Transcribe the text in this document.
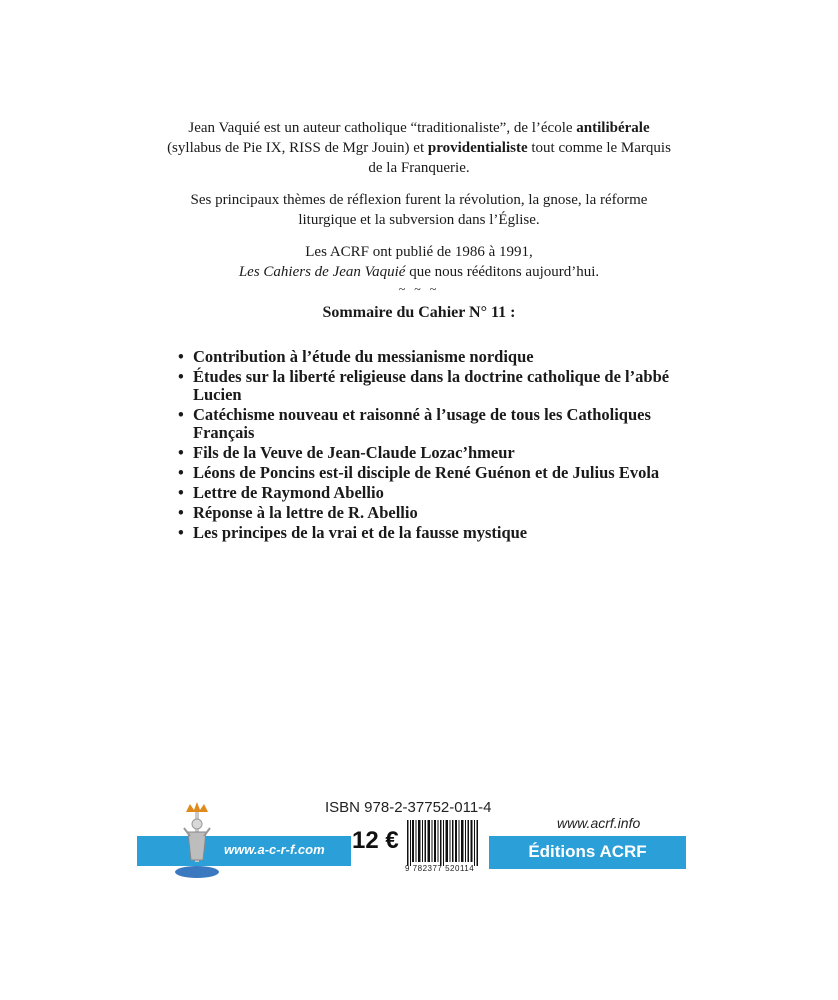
Jean Vaquié est un auteur catholique “traditionaliste”, de l’école antilibérale
(syllabus de Pie IX, RISS de Mgr Jouin) et providentialiste tout comme le Marquis de la Franquerie.

Ses principaux thèmes de réflexion furent la révolution, la gnose, la réforme liturgique et la subversion dans l’Église.

Les ACRF ont publié de 1986 à 1991,
Les Cahiers de Jean Vaquié que nous rééditons aujourd’hui.

~ ~ ~
Sommaire du Cahier N° 11 :
• Contribution à l’étude du messianisme nordique
• Études sur la liberté religieuse dans la doctrine catholique de l’abbé Lucien
• Catéchisme nouveau et raisonné à l’usage de tous les Catholiques Français
• Fils de la Veuve de Jean-Claude Lozac’hmeur
• Léons de Poncins est-il disciple de René Guénon et de Julius Evola
• Lettre de Raymond Abellio
• Réponse à la lettre de R. Abellio
• Les principes de la vrai et de la fausse mystique
ISBN 978-2-37752-011-4
www.a-c-r-f.com 12 €
9 782377 520114
www.acrf.info
Éditions ACRF
